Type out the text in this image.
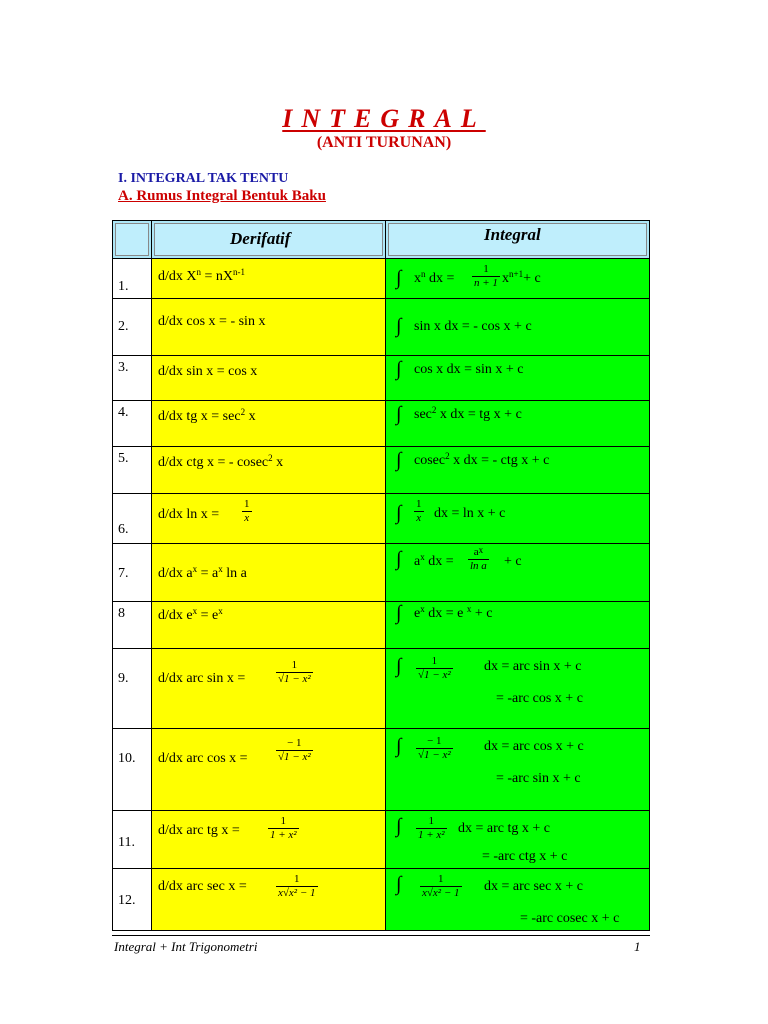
INTEGRAL
(ANTI TURUNAN)
I. INTEGRAL TAK TENTU
A. Rumus Integral Bentuk Baku

	Derifatif	Integral

1.	d/dx $X^n = nX^{n-1}$	∫ $x^n$ dx = $\frac{1}{n + 1} x^{n+1}+ c$

2.	d/dx cos x = - sin x	∫ sin x dx = - cos x + c

3.	d/dx sin x = cos x	∫ cos x dx = sin x + c

4.	d/dx tg $x = \sec^2 x$	∫ $\sec^2 x$ dx = tg x + c

5.	d/dx ctg x = - cosec$^2$ x	∫ cosec$^2$ x dx = - ctg x + c

6.	d/dx $\ln x = \frac{1}{x}$	∫ $\frac{1}{x}$ dx = ln x + c

7.	d/dx $a^x = a^x$ ln a	∫ $a^x$ dx = $\frac{a^x}{\text{ln a}} + c$

8	d/dx $e^x = e^x$	∫ $e^x$ dx = e $^x$ + c

9.	d/dx arc $\sin x = \frac{1}{\text{√1 − x²}}$	∫ $\frac{1}{\text{√1 − x²}}$ dx = arc sin x + c
= -arc cos x + c

10.	d/dx arc $\cos x = \frac{- 1}{\text{√1 − x²}}$	∫ $\frac{- 1}{\text{√1 − x²}}$ dx = arc cos x + c
= -arc sin x + c

11.	d/dx arc tg $x = \frac{1}{\text{1 + x²}}$	∫ $\frac{1}{\text{1 + x²}}$ dx = arc tg x + c
= -arc ctg x + c

12.	d/dx arc $\sec x = \frac{1}{\text{x√x² − 1}}$	∫ $\frac{1}{\text{x√x² − 1}}$ dx = arc sec x + c
= -arc cosec x + c
Integral + Int Trigonometri	1
